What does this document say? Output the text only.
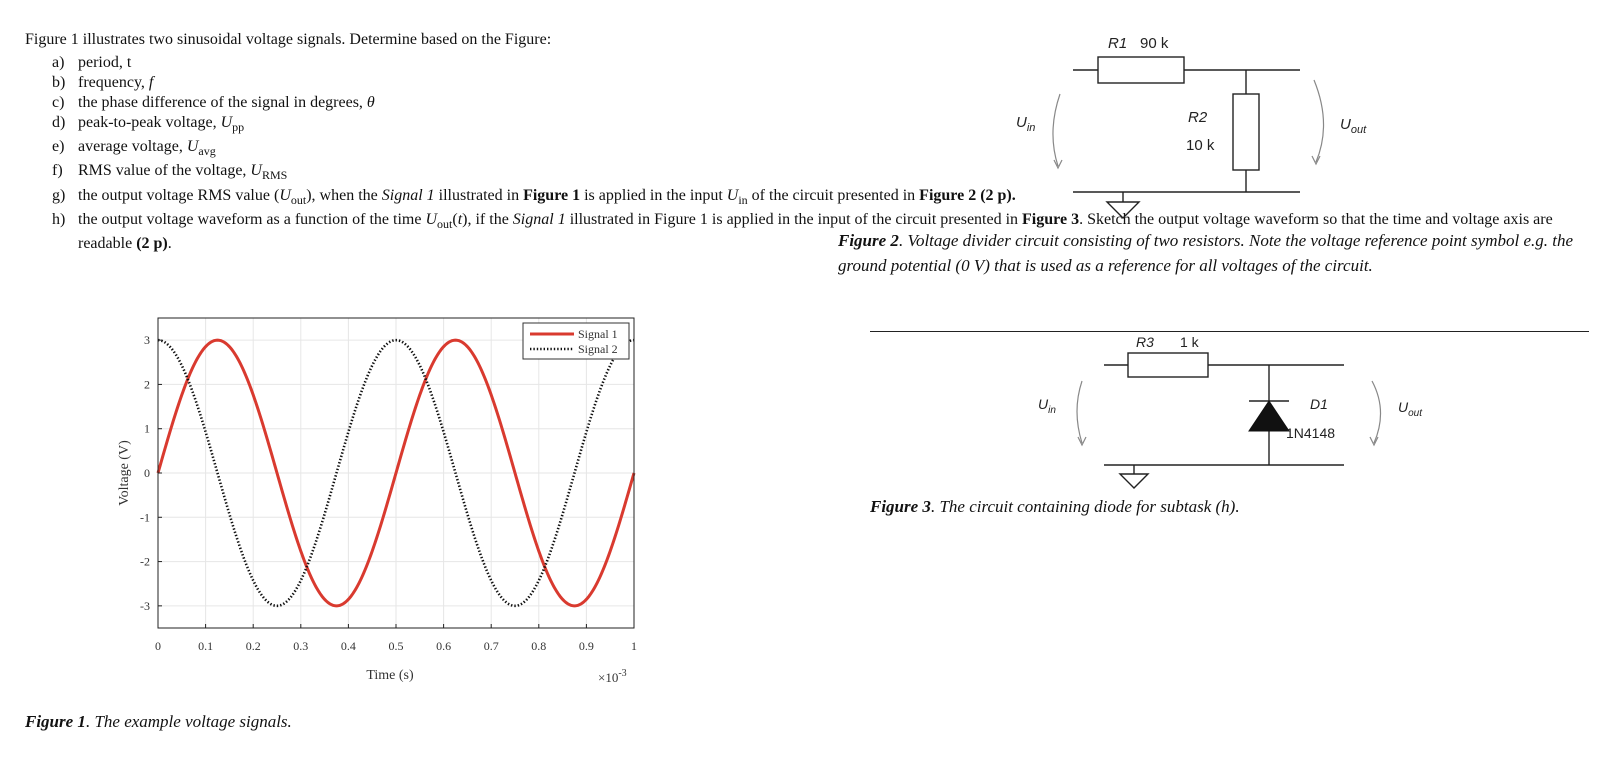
Figure 1 illustrates two sinusoidal voltage signals. Determine based on the Figure:
a) period, t
b) frequency, f
c) the phase difference of the signal in degrees, θ
d) peak-to-peak voltage, $U_{pp}$
e) average voltage, $U_{avg}$
f) RMS value of the voltage, $U_{RMS}$
g) the output voltage RMS value $(U_{out})$, when the Signal 1 illustrated in Figure 1 is applied in the input $U_{in}$ of the circuit presented in Figure 2 (2 p).
h) the output voltage waveform as a function of the time $U_{out}(t)$, if the Signal 1 illustrated in Figure 1 is applied in the input of the circuit presented in Figure 3. Sketch the output voltage waveform so that the time and voltage axis are readable (2 p).
Figure 1. The example voltage signals.
Figure 2. Voltage divider circuit consisting of two resistors. Note the voltage reference point symbol e.g. the ground potential (0 V) that is used as a reference for all voltages of the circuit.
Figure 3. The circuit containing diode for subtask (h).
0	0.1	0.2	0.3	0.4	0.5	0.6	0.7	0.8	0.9	1
3
2
1
0
-1
-2
-3
Signal 1
Signal 2
Time (s)
Voltage (V)
$\times 10^{-3}$
R1 90 k
R2
10 k
$U_{in}$	$U_{out}$
R3 1 k
D1
1N4148
$U_{in}$	$U_{out}$
